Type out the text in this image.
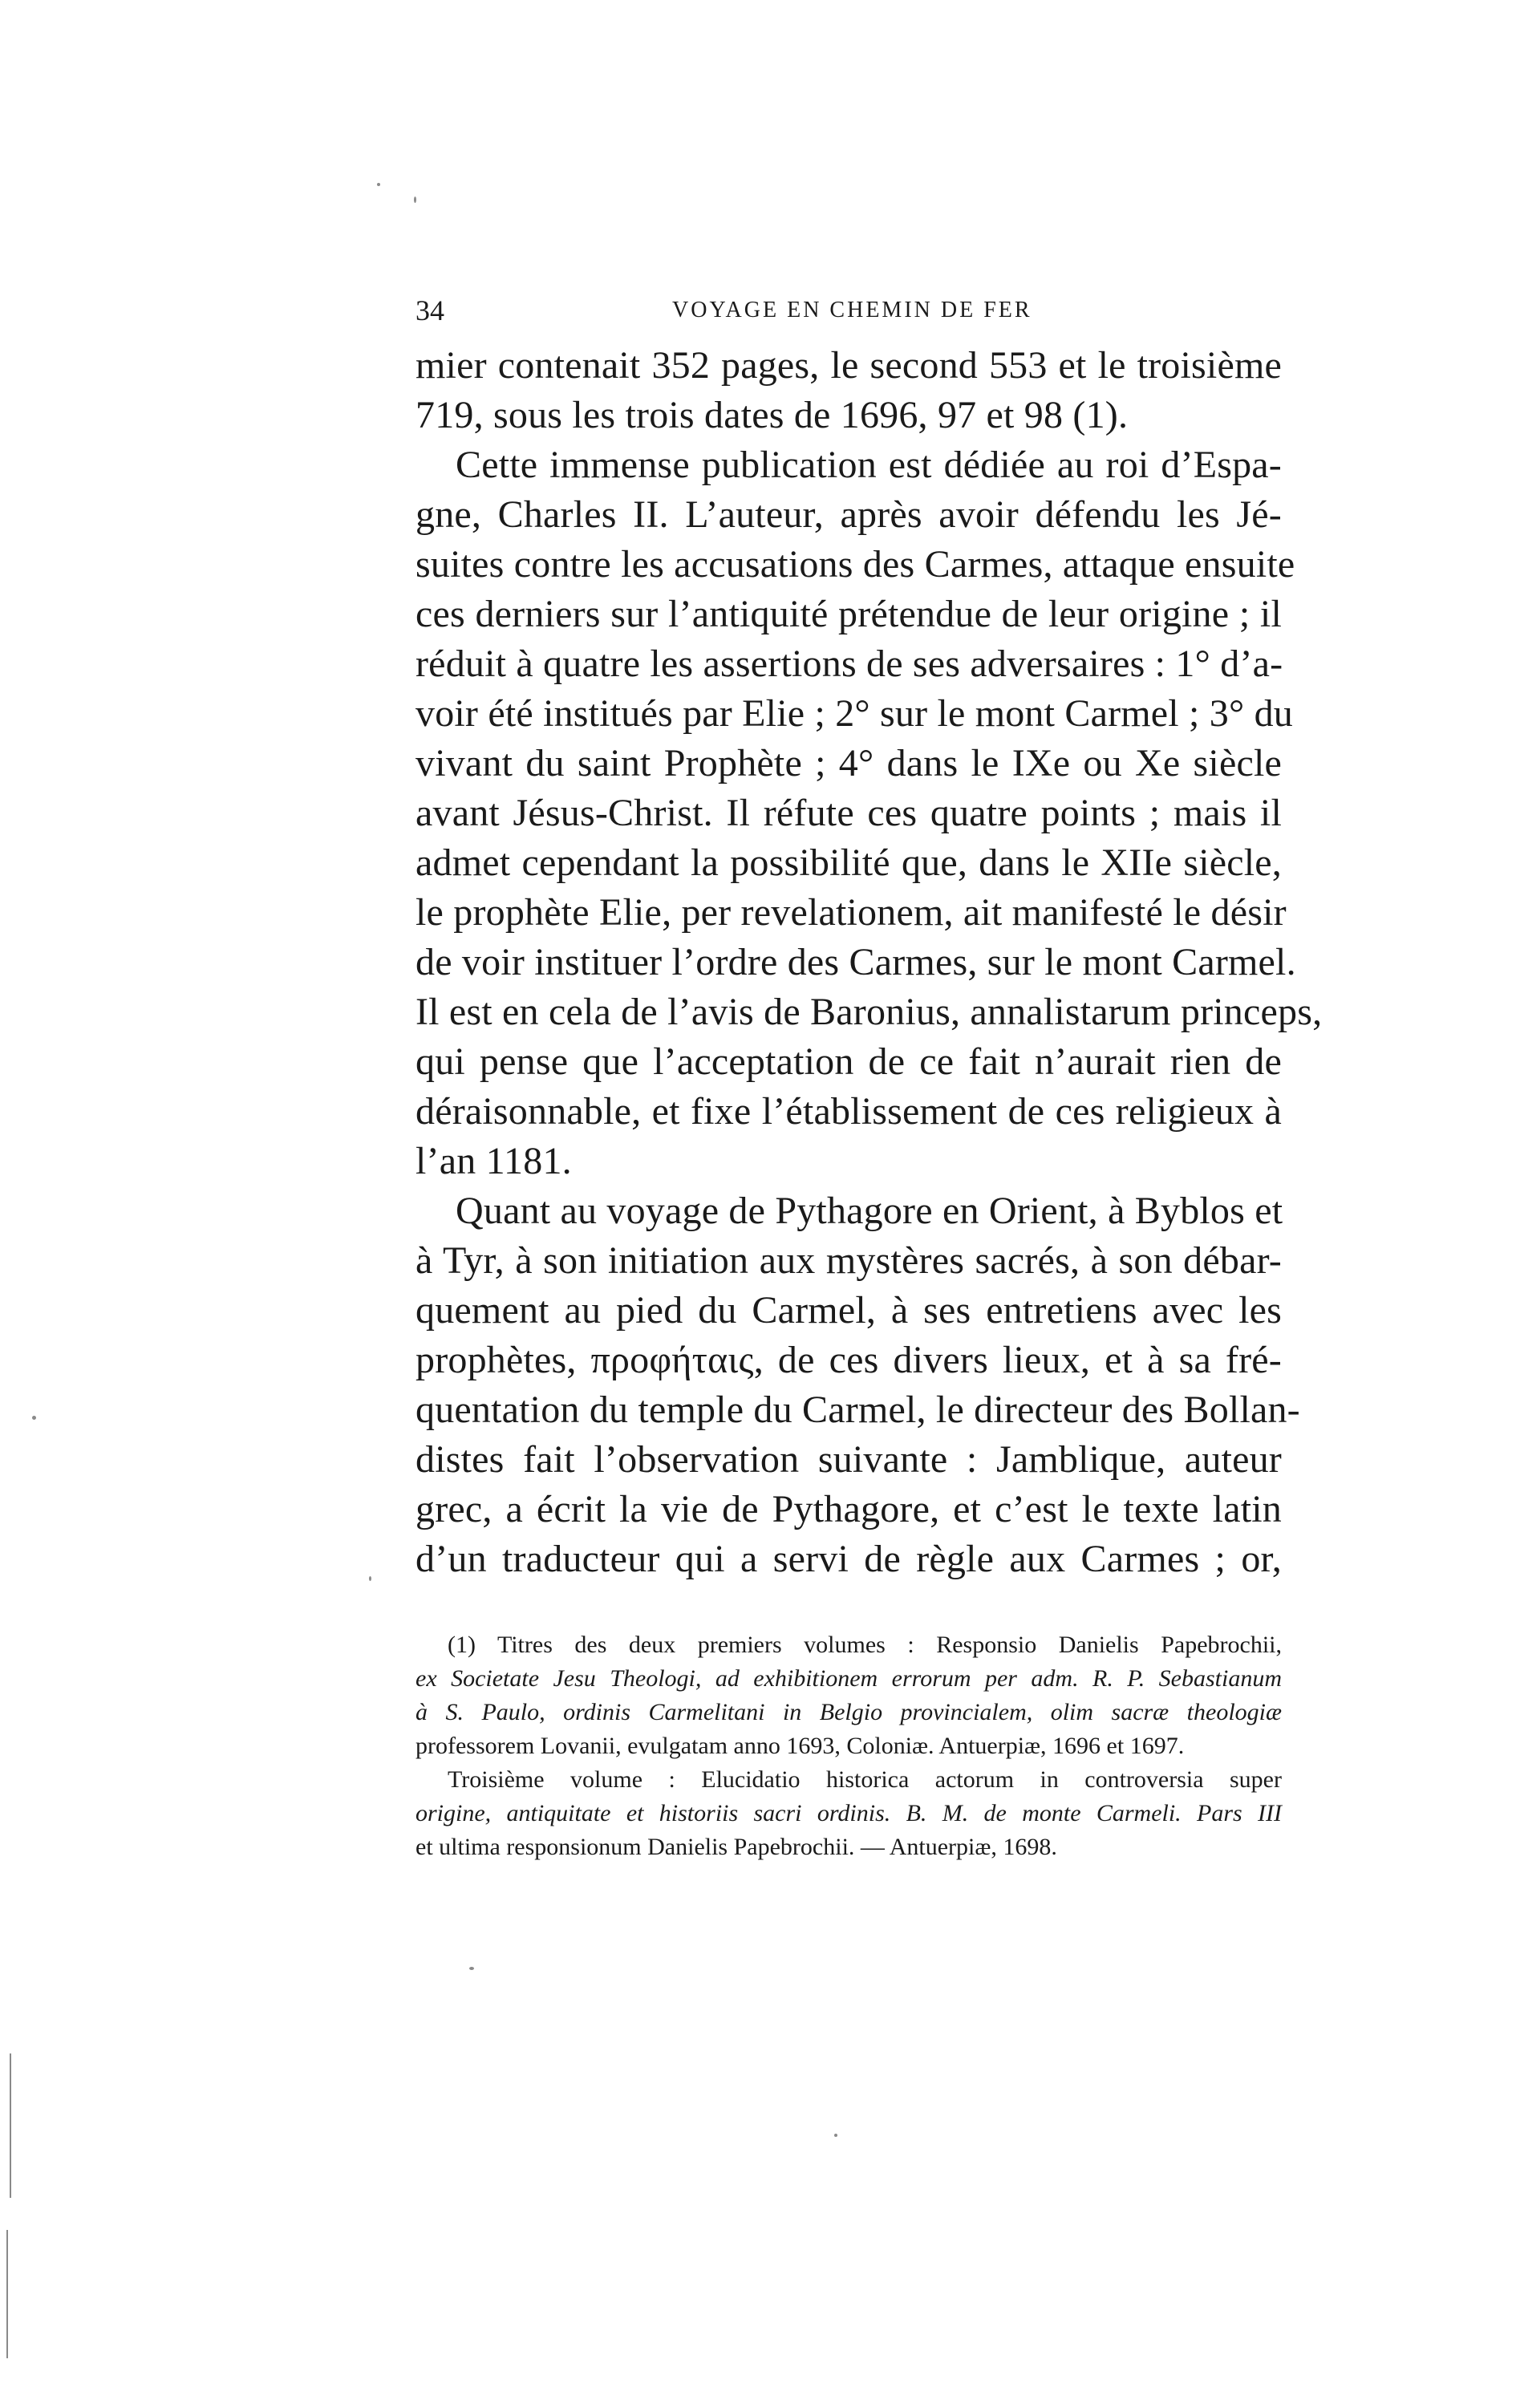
34	VOYAGE EN CHEMIN DE FER
mier contenait 352 pages, le second 553 et le troisième
719, sous les trois dates de 1696, 97 et 98 (1).
Cette immense publication est dédiée au roi d’Espa-
gne, Charles II. L’auteur, après avoir défendu les Jé-
suites contre les accusations des Carmes, attaque ensuite
ces derniers sur l’antiquité prétendue de leur origine ; il
réduit à quatre les assertions de ses adversaires : 1° d’a-
voir été institués par Elie ; 2° sur le mont Carmel ; 3° du
vivant du saint Prophète ; 4° dans le IXe ou Xe siècle
avant Jésus-Christ. Il réfute ces quatre points ; mais il
admet cependant la possibilité que, dans le XIIe siècle,
le prophète Elie, per revelationem, ait manifesté le désir
de voir instituer l’ordre des Carmes, sur le mont Carmel.
Il est en cela de l’avis de Baronius, annalistarum princeps,
qui pense que l’acceptation de ce fait n’aurait rien de
déraisonnable, et fixe l’établissement de ces religieux à
l’an 1181.
Quant au voyage de Pythagore en Orient, à Byblos et
à Tyr, à son initiation aux mystères sacrés, à son débar-
quement au pied du Carmel, à ses entretiens avec les
prophètes, προφήταις, de ces divers lieux, et à sa fré-
quentation du temple du Carmel, le directeur des Bollan-
distes fait l’observation suivante : Jamblique, auteur
grec, a écrit la vie de Pythagore, et c’est le texte latin
d’un traducteur qui a servi de règle aux Carmes ; or,
(1) Titres des deux premiers volumes : Responsio Danielis Papebrochii,
ex Societate Jesu Theologi, ad exhibitionem errorum per adm. R. P. Sebastianum
à S. Paulo, ordinis Carmelitani in Belgio provincialem, olim sacræ theologiæ
professorem Lovanii, evulgatam anno 1693, Coloniæ. Antuerpiæ, 1696 et 1697.
Troisième volume : Elucidatio historica actorum in controversia super
origine, antiquitate et historiis sacri ordinis. B. M. de monte Carmeli. Pars III
et ultima responsionum Danielis Papebrochii. — Antuerpiæ, 1698.
